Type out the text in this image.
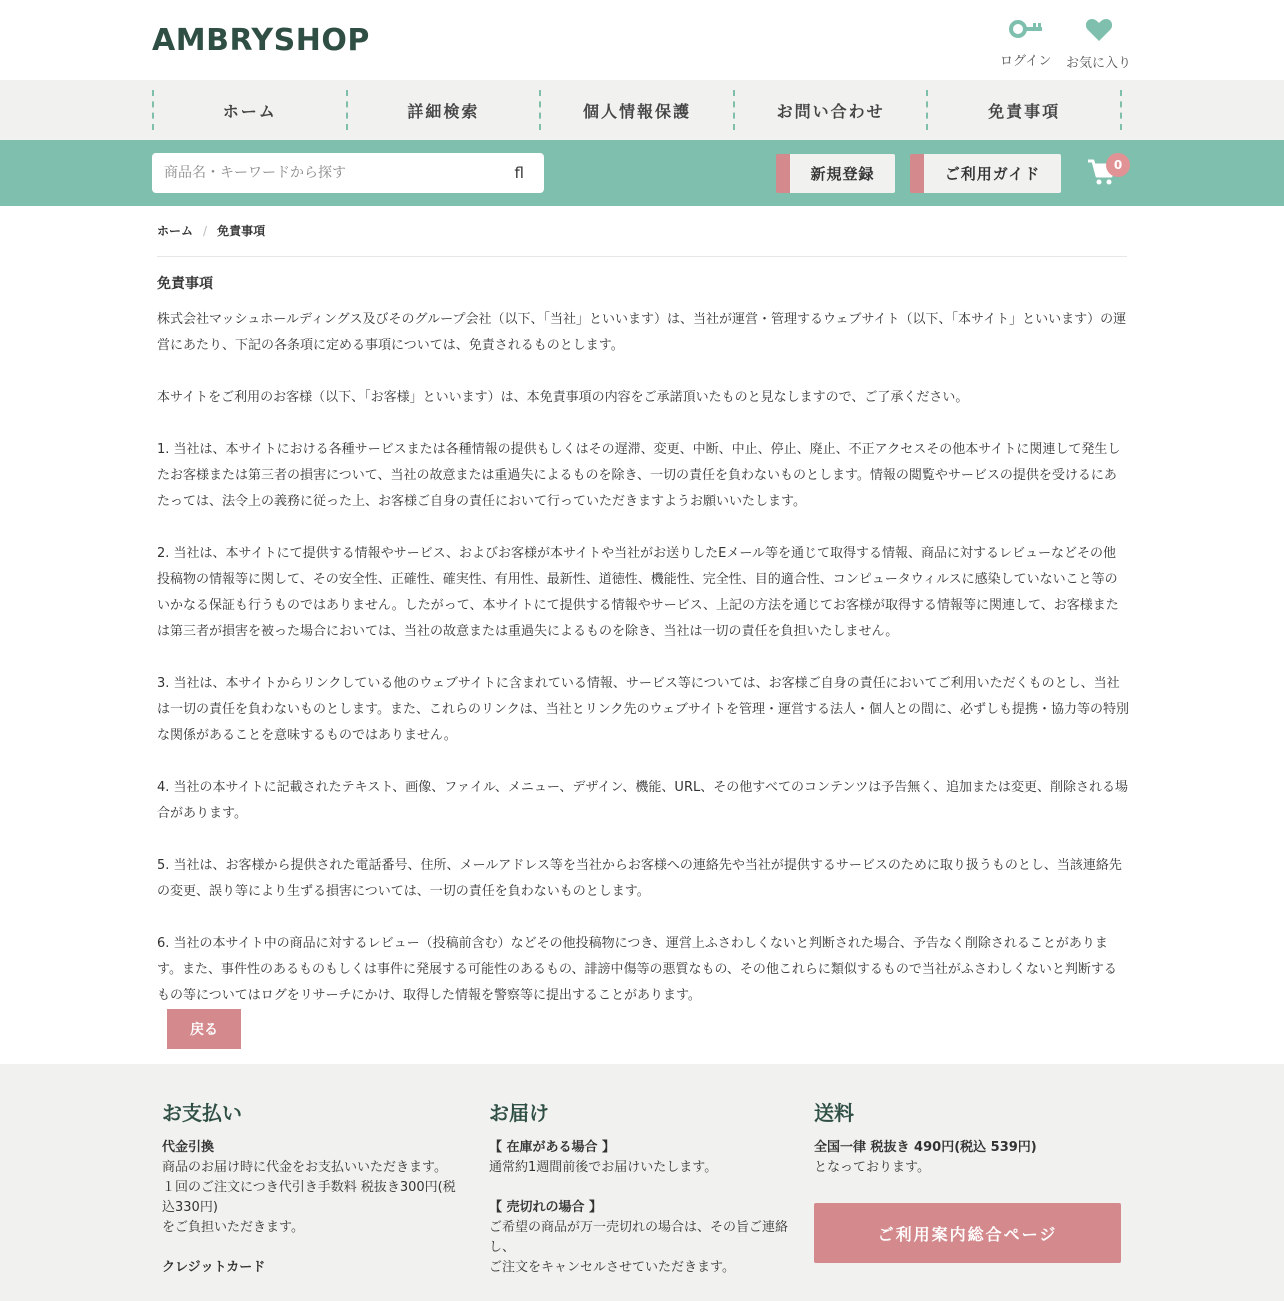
AMBRYSHOP
ログイン お気に入り
ホーム	詳細検索	個人情報保護	お問い合わせ	免責事項
商品名・キーワードから探す
fl	新規登録	ご利用ガイド	0
ホーム / 免責事項
免責事項

株式会社マッシュホールディングス及びそのグループ会社（以下、「当社」といいます）は、当社が運営・管理するウェブサイト（以下、「本サイト」といいます）の運営にあたり、下記の各条項に定める事項については、免責されるものとします。

本サイトをご利用のお客様（以下、「お客様」といいます）は、本免責事項の内容をご承諾頂いたものと見なしますので、ご了承ください。

1. 当社は、本サイトにおける各種サービスまたは各種情報の提供もしくはその遅滞、変更、中断、中止、停止、廃止、不正アクセスその他本サイトに関連して発生したお客様または第三者の損害について、当社の故意または重過失によるものを除き、一切の責任を負わないものとします。情報の閲覧やサービスの提供を受けるにあたっては、法令上の義務に従った上、お客様ご自身の責任において行っていただきますようお願いいたします。

2. 当社は、本サイトにて提供する情報やサービス、およびお客様が本サイトや当社がお送りしたEメール等を通じて取得する情報、商品に対するレビューなどその他投稿物の情報等に関して、その安全性、正確性、確実性、有用性、最新性、道徳性、機能性、完全性、目的適合性、コンピュータウィルスに感染していないこと等のいかなる保証も行うものではありません。したがって、本サイトにて提供する情報やサービス、上記の方法を通じてお客様が取得する情報等に関連して、お客様または第三者が損害を被った場合においては、当社の故意または重過失によるものを除き、当社は一切の責任を負担いたしません。

3. 当社は、本サイトからリンクしている他のウェブサイトに含まれている情報、サービス等については、お客様ご自身の責任においてご利用いただくものとし、当社は一切の責任を負わないものとします。また、これらのリンクは、当社とリンク先のウェブサイトを管理・運営する法人・個人との間に、必ずしも提携・協力等の特別な関係があることを意味するものではありません。

4. 当社の本サイトに記載されたテキスト、画像、ファイル、メニュー、デザイン、機能、URL、その他すべてのコンテンツは予告無く、追加または変更、削除される場合があります。

5. 当社は、お客様から提供された電話番号、住所、メールアドレス等を当社からお客様への連絡先や当社が提供するサービスのために取り扱うものとし、当該連絡先の変更、誤り等により生ずる損害については、一切の責任を負わないものとします。

6. 当社の本サイト中の商品に対するレビュー（投稿前含む）などその他投稿物につき、運営上ふさわしくないと判断された場合、予告なく削除されることがあります。また、事件性のあるものもしくは事件に発展する可能性のあるもの、誹謗中傷等の悪質なもの、その他これらに類似するもので当社がふさわしくないと判断するもの等についてはログをリサーチにかけ、取得した情報を警察等に提出することがあります。

戻る
お支払い
代金引換
商品のお届け時に代金をお支払いいただきます。
１回のご注文につき代引き手数料 税抜き300円(税込330円)
をご負担いただきます。
クレジットカード
お届け
【 在庫がある場合 】
通常約1週間前後でお届けいたします。
【 売切れの場合 】
ご希望の商品が万一売切れの場合は、その旨ご連絡し、
ご注文をキャンセルさせていただきます。
送料
全国一律 税抜き 490円(税込 539円)
となっております。
ご利用案内総合ページ
